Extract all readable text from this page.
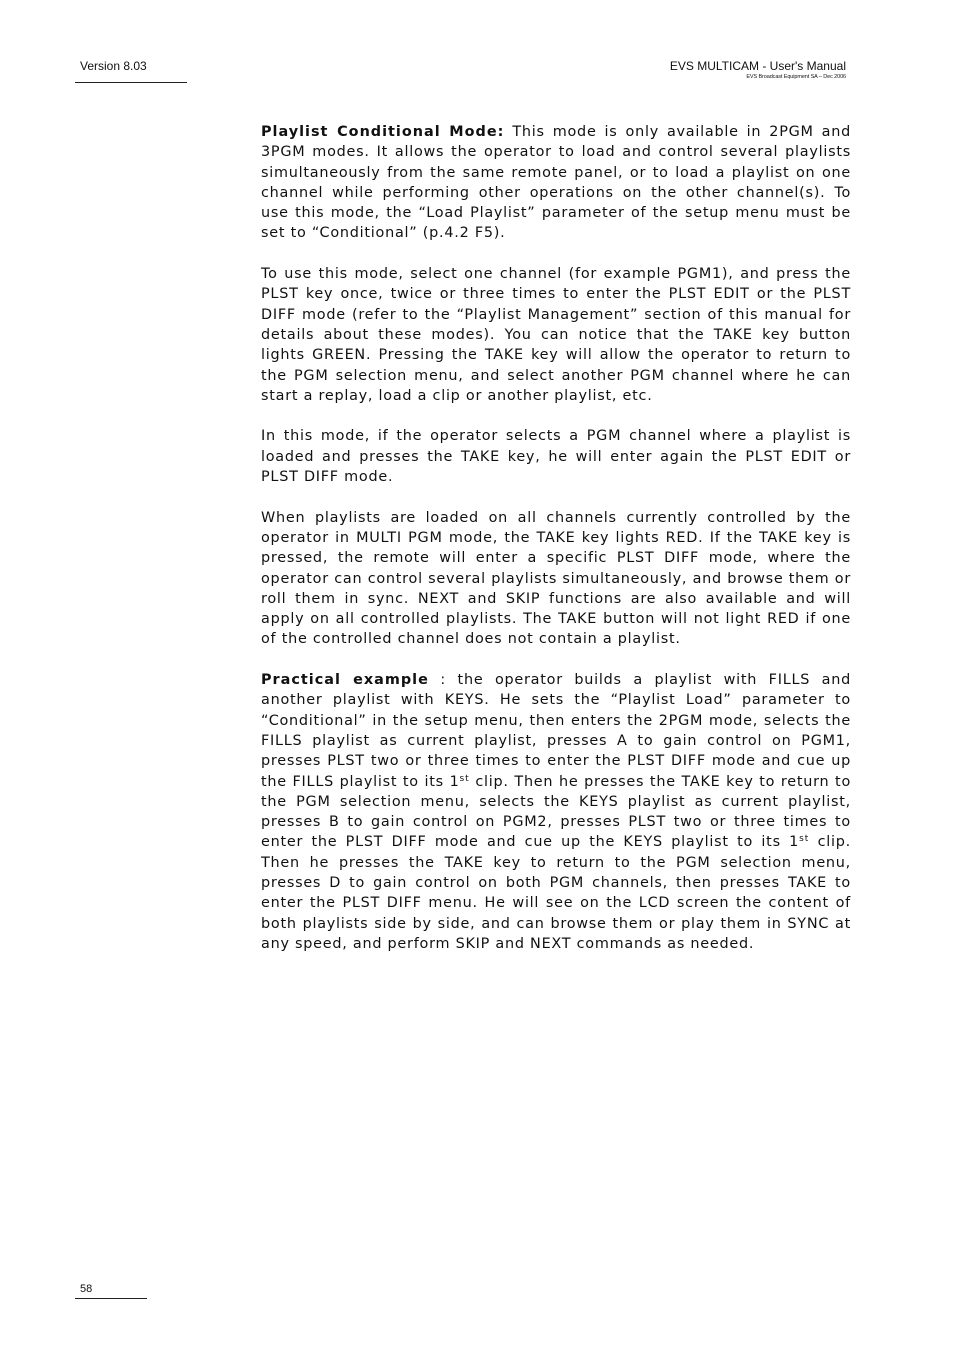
Version 8.03	EVS MULTICAM - User's Manual
EVS Broadcast Equipment SA – Dec 2006

Playlist Conditional Mode: This mode is only available in 2PGM and 3PGM modes. It allows the operator to load and control several playlists simultaneously from the same remote panel, or to load a playlist on one channel while performing other operations on the other channel(s). To use this mode, the “Load Playlist” parameter of the setup menu must be set to “Conditional” (p.4.2 F5).

To use this mode, select one channel (for example PGM1), and press the PLST key once, twice or three times to enter the PLST EDIT or the PLST DIFF mode (refer to the “Playlist Management” section of this manual for details about these modes). You can notice that the TAKE key button lights GREEN. Pressing the TAKE key will allow the operator to return to the PGM selection menu, and select another PGM channel where he can start a replay, load a clip or another playlist, etc.

In this mode, if the operator selects a PGM channel where a playlist is loaded and presses the TAKE key, he will enter again the PLST EDIT or PLST DIFF mode.

When playlists are loaded on all channels currently controlled by the operator in MULTI PGM mode, the TAKE key lights RED. If the TAKE key is pressed, the remote will enter a specific PLST DIFF mode, where the operator can control several playlists simultaneously, and browse them or roll them in sync. NEXT and SKIP functions are also available and will apply on all controlled playlists. The TAKE button will not light RED if one of the controlled channel does not contain a playlist.

Practical example : the operator builds a playlist with FILLS and another playlist with KEYS. He sets the “Playlist Load” parameter to “Conditional” in the setup menu, then enters the 2PGM mode, selects the FILLS playlist as current playlist, presses A to gain control on PGM1, presses PLST two or three times to enter the PLST DIFF mode and cue up the FILLS playlist to its 1st clip. Then he presses the TAKE key to return to the PGM selection menu, selects the KEYS playlist as current playlist, presses B to gain control on PGM2, presses PLST two or three times to enter the PLST DIFF mode and cue up the KEYS playlist to its 1st clip. Then he presses the TAKE key to return to the PGM selection menu, presses D to gain control on both PGM channels, then presses TAKE to enter the PLST DIFF menu. He will see on the LCD screen the content of both playlists side by side, and can browse them or play them in SYNC at any speed, and perform SKIP and NEXT commands as needed.

58
